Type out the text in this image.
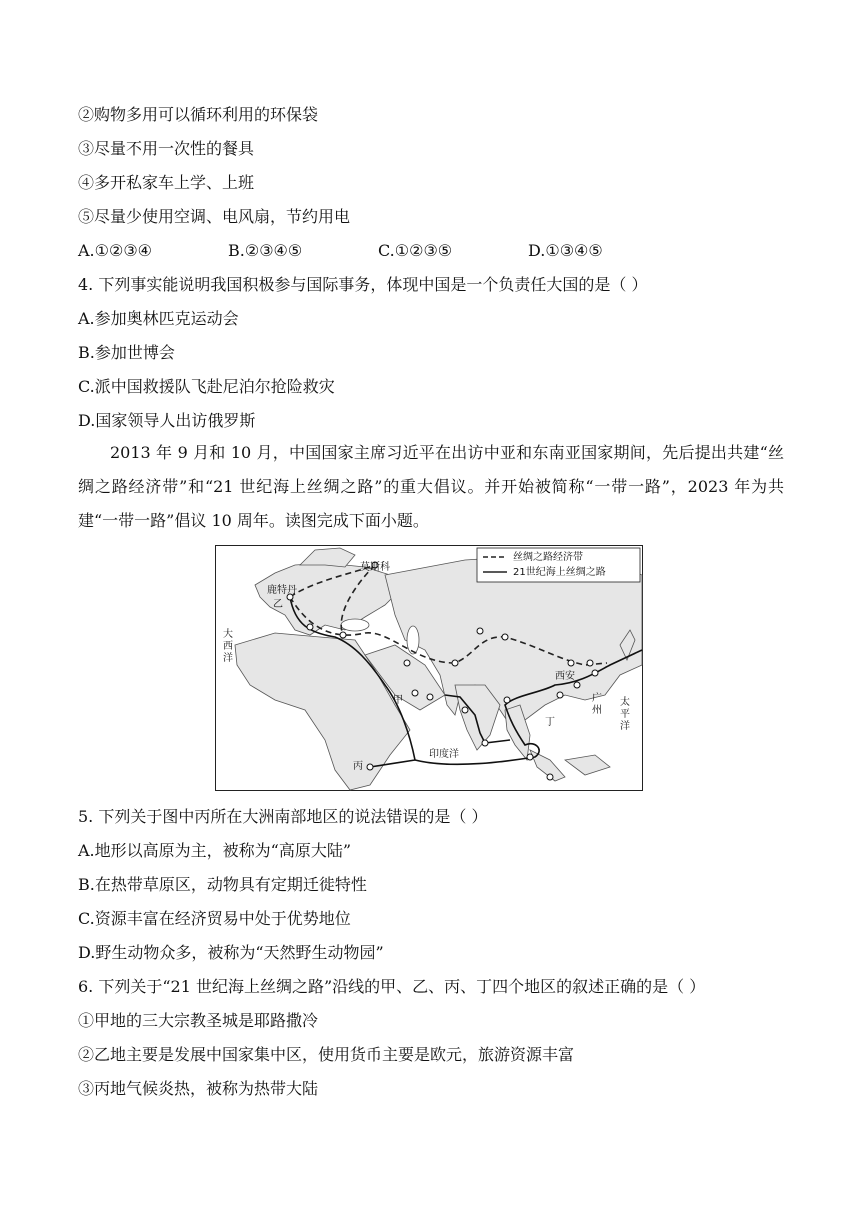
②购物多用可以循环利用的环保袋
③尽量不用一次性的餐具
④多开私家车上学、上班
⑤尽量少使用空调、电风扇，节约用电
A.①②③④	B.②③④⑤	C.①②③⑤	D.①③④⑤
4. 下列事实能说明我国积极参与国际事务，体现中国是一个负责任大国的是（ ）
A.参加奥林匹克运动会
B.参加世博会
C.派中国救援队飞赴尼泊尔抢险救灾
D.国家领导人出访俄罗斯
2013 年 9 月和 10 月，中国国家主席习近平在出访中亚和东南亚国家期间，先后提出共建“丝绸之路经济带”和“21 世纪海上丝绸之路”的重大倡议。并开始被简称“一带一路”，2023 年为共建“一带一路”倡议 10 周年。读图完成下面小题。
丝绸之路经济带
21世纪海上丝绸之路
莫斯科
鹿特丹
乙
大
西
洋
甲
丙
印度洋
西安
丁
广
州
太
平
洋
5. 下列关于图中丙所在大洲南部地区的说法错误的是（ ）
A.地形以高原为主，被称为“高原大陆”
B.在热带草原区，动物具有定期迁徙特性
C.资源丰富在经济贸易中处于优势地位
D.野生动物众多，被称为“天然野生动物园”
6. 下列关于“21 世纪海上丝绸之路”沿线的甲、乙、丙、丁四个地区的叙述正确的是（ ）
①甲地的三大宗教圣城是耶路撒冷
②乙地主要是发展中国家集中区，使用货币主要是欧元，旅游资源丰富
③丙地气候炎热，被称为热带大陆
